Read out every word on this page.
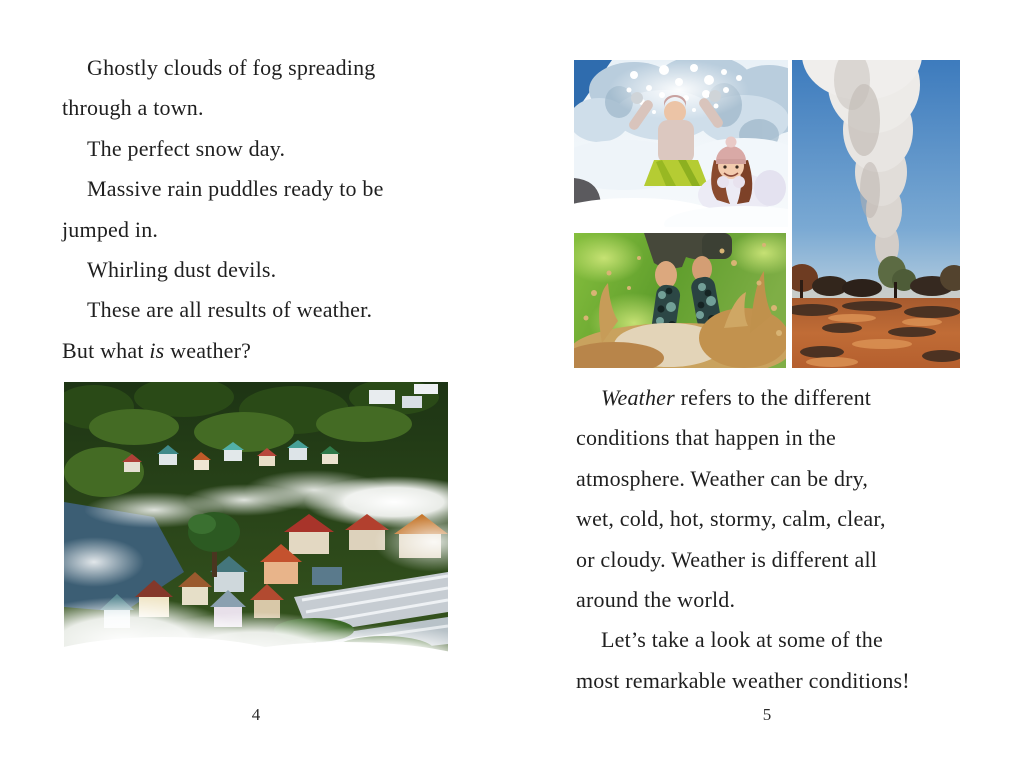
Ghostly clouds of fog spreading
through a town.
The perfect snow day.
Massive rain puddles ready to be
jumped in.
Whirling dust devils.
These are all results of weather.
But what is weather?
4
Weather refers to the different
conditions that happen in the
atmosphere. Weather can be dry,
wet, cold, hot, stormy, calm, clear,
or cloudy. Weather is different all
around the world.
Let’s take a look at some of the
most remarkable weather conditions!
5
